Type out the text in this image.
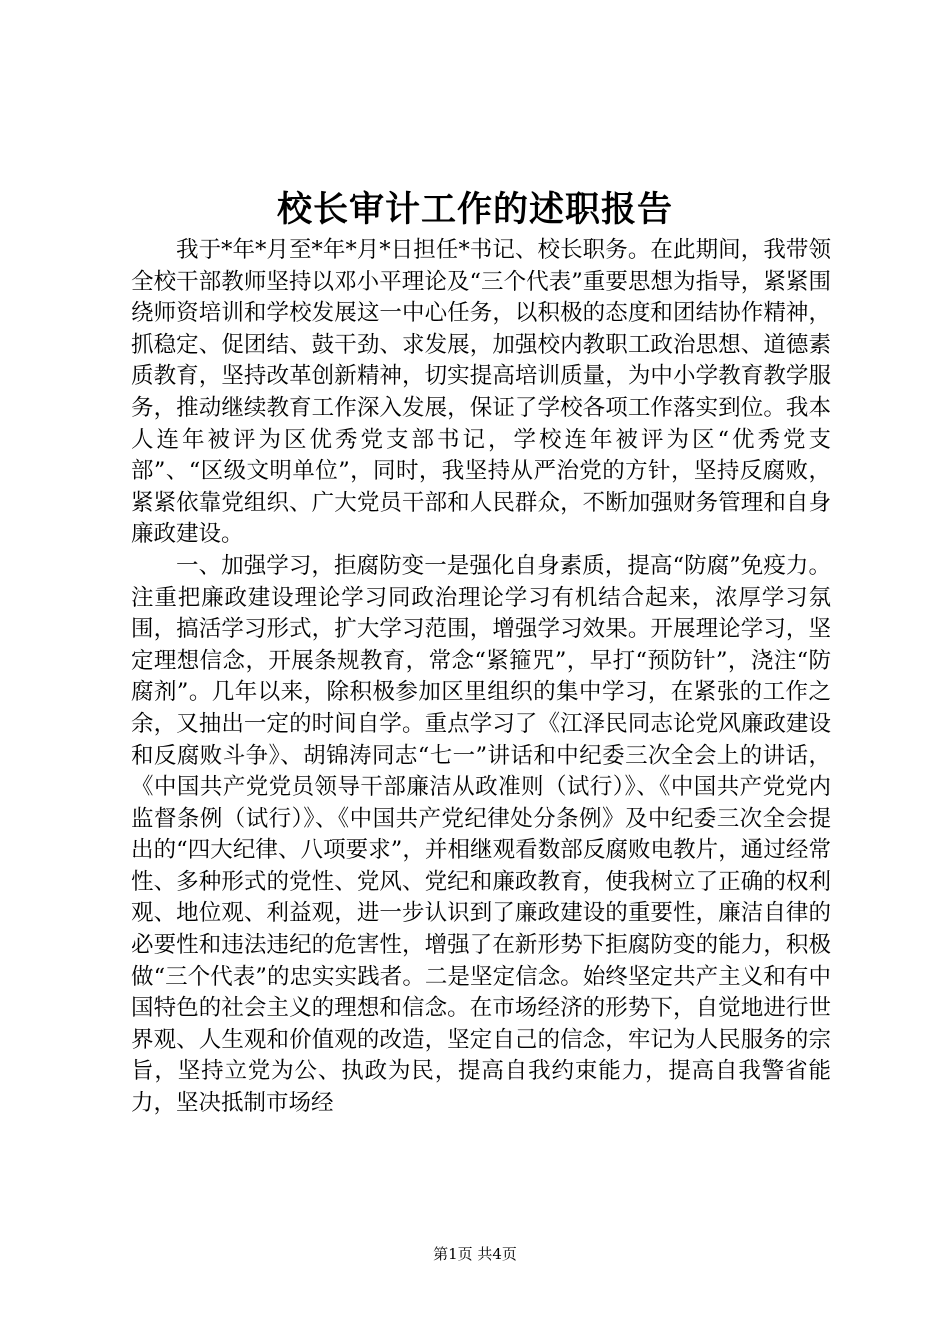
校长审计工作的述职报告

我于*年*月至*年*月*日担任*书记、校长职务。在此期间，我带领全校干部教师坚持以邓小平理论及“三个代表”重要思想为指导，紧紧围绕师资培训和学校发展这一中心任务，以积极的态度和团结协作精神，抓稳定、促团结、鼓干劲、求发展，加强校内教职工政治思想、道德素质教育，坚持改革创新精神，切实提高培训质量，为中小学教育教学服务，推动继续教育工作深入发展，保证了学校各项工作落实到位。我本人连年被评为区优秀党支部书记，学校连年被评为区“优秀党支部”、“区级文明单位”，同时，我坚持从严治党的方针，坚持反腐败，紧紧依靠党组织、广大党员干部和人民群众，不断加强财务管理和自身廉政建设。

一、加强学习，拒腐防变一是强化自身素质，提高“防腐”免疫力。注重把廉政建设理论学习同政治理论学习有机结合起来，浓厚学习氛围，搞活学习形式，扩大学习范围，增强学习效果。开展理论学习，坚定理想信念，开展条规教育，常念“紧箍咒”，早打“预防针”，浇注“防腐剂”。几年以来，除积极参加区里组织的集中学习，在紧张的工作之余，又抽出一定的时间自学。重点学习了《江泽民同志论党风廉政建设和反腐败斗争》、胡锦涛同志“七一”讲话和中纪委三次全会上的讲话，《中国共产党党员领导干部廉洁从政准则（试行）》、《中国共产党党内监督条例（试行）》、《中国共产党纪律处分条例》及中纪委三次全会提出的“四大纪律、八项要求”，并相继观看数部反腐败电教片，通过经常性、多种形式的党性、党风、党纪和廉政教育，使我树立了正确的权利观、地位观、利益观，进一步认识到了廉政建设的重要性，廉洁自律的必要性和违法违纪的危害性，增强了在新形势下拒腐防变的能力，积极做“三个代表”的忠实实践者。二是坚定信念。始终坚定共产主义和有中国特色的社会主义的理想和信念。在市场经济的形势下，自觉地进行世界观、人生观和价值观的改造，坚定自己的信念，牢记为人民服务的宗旨，坚持立党为公、执政为民，提高自我约束能力，提高自我警省能力，坚决抵制市场经

第1页 共4页
